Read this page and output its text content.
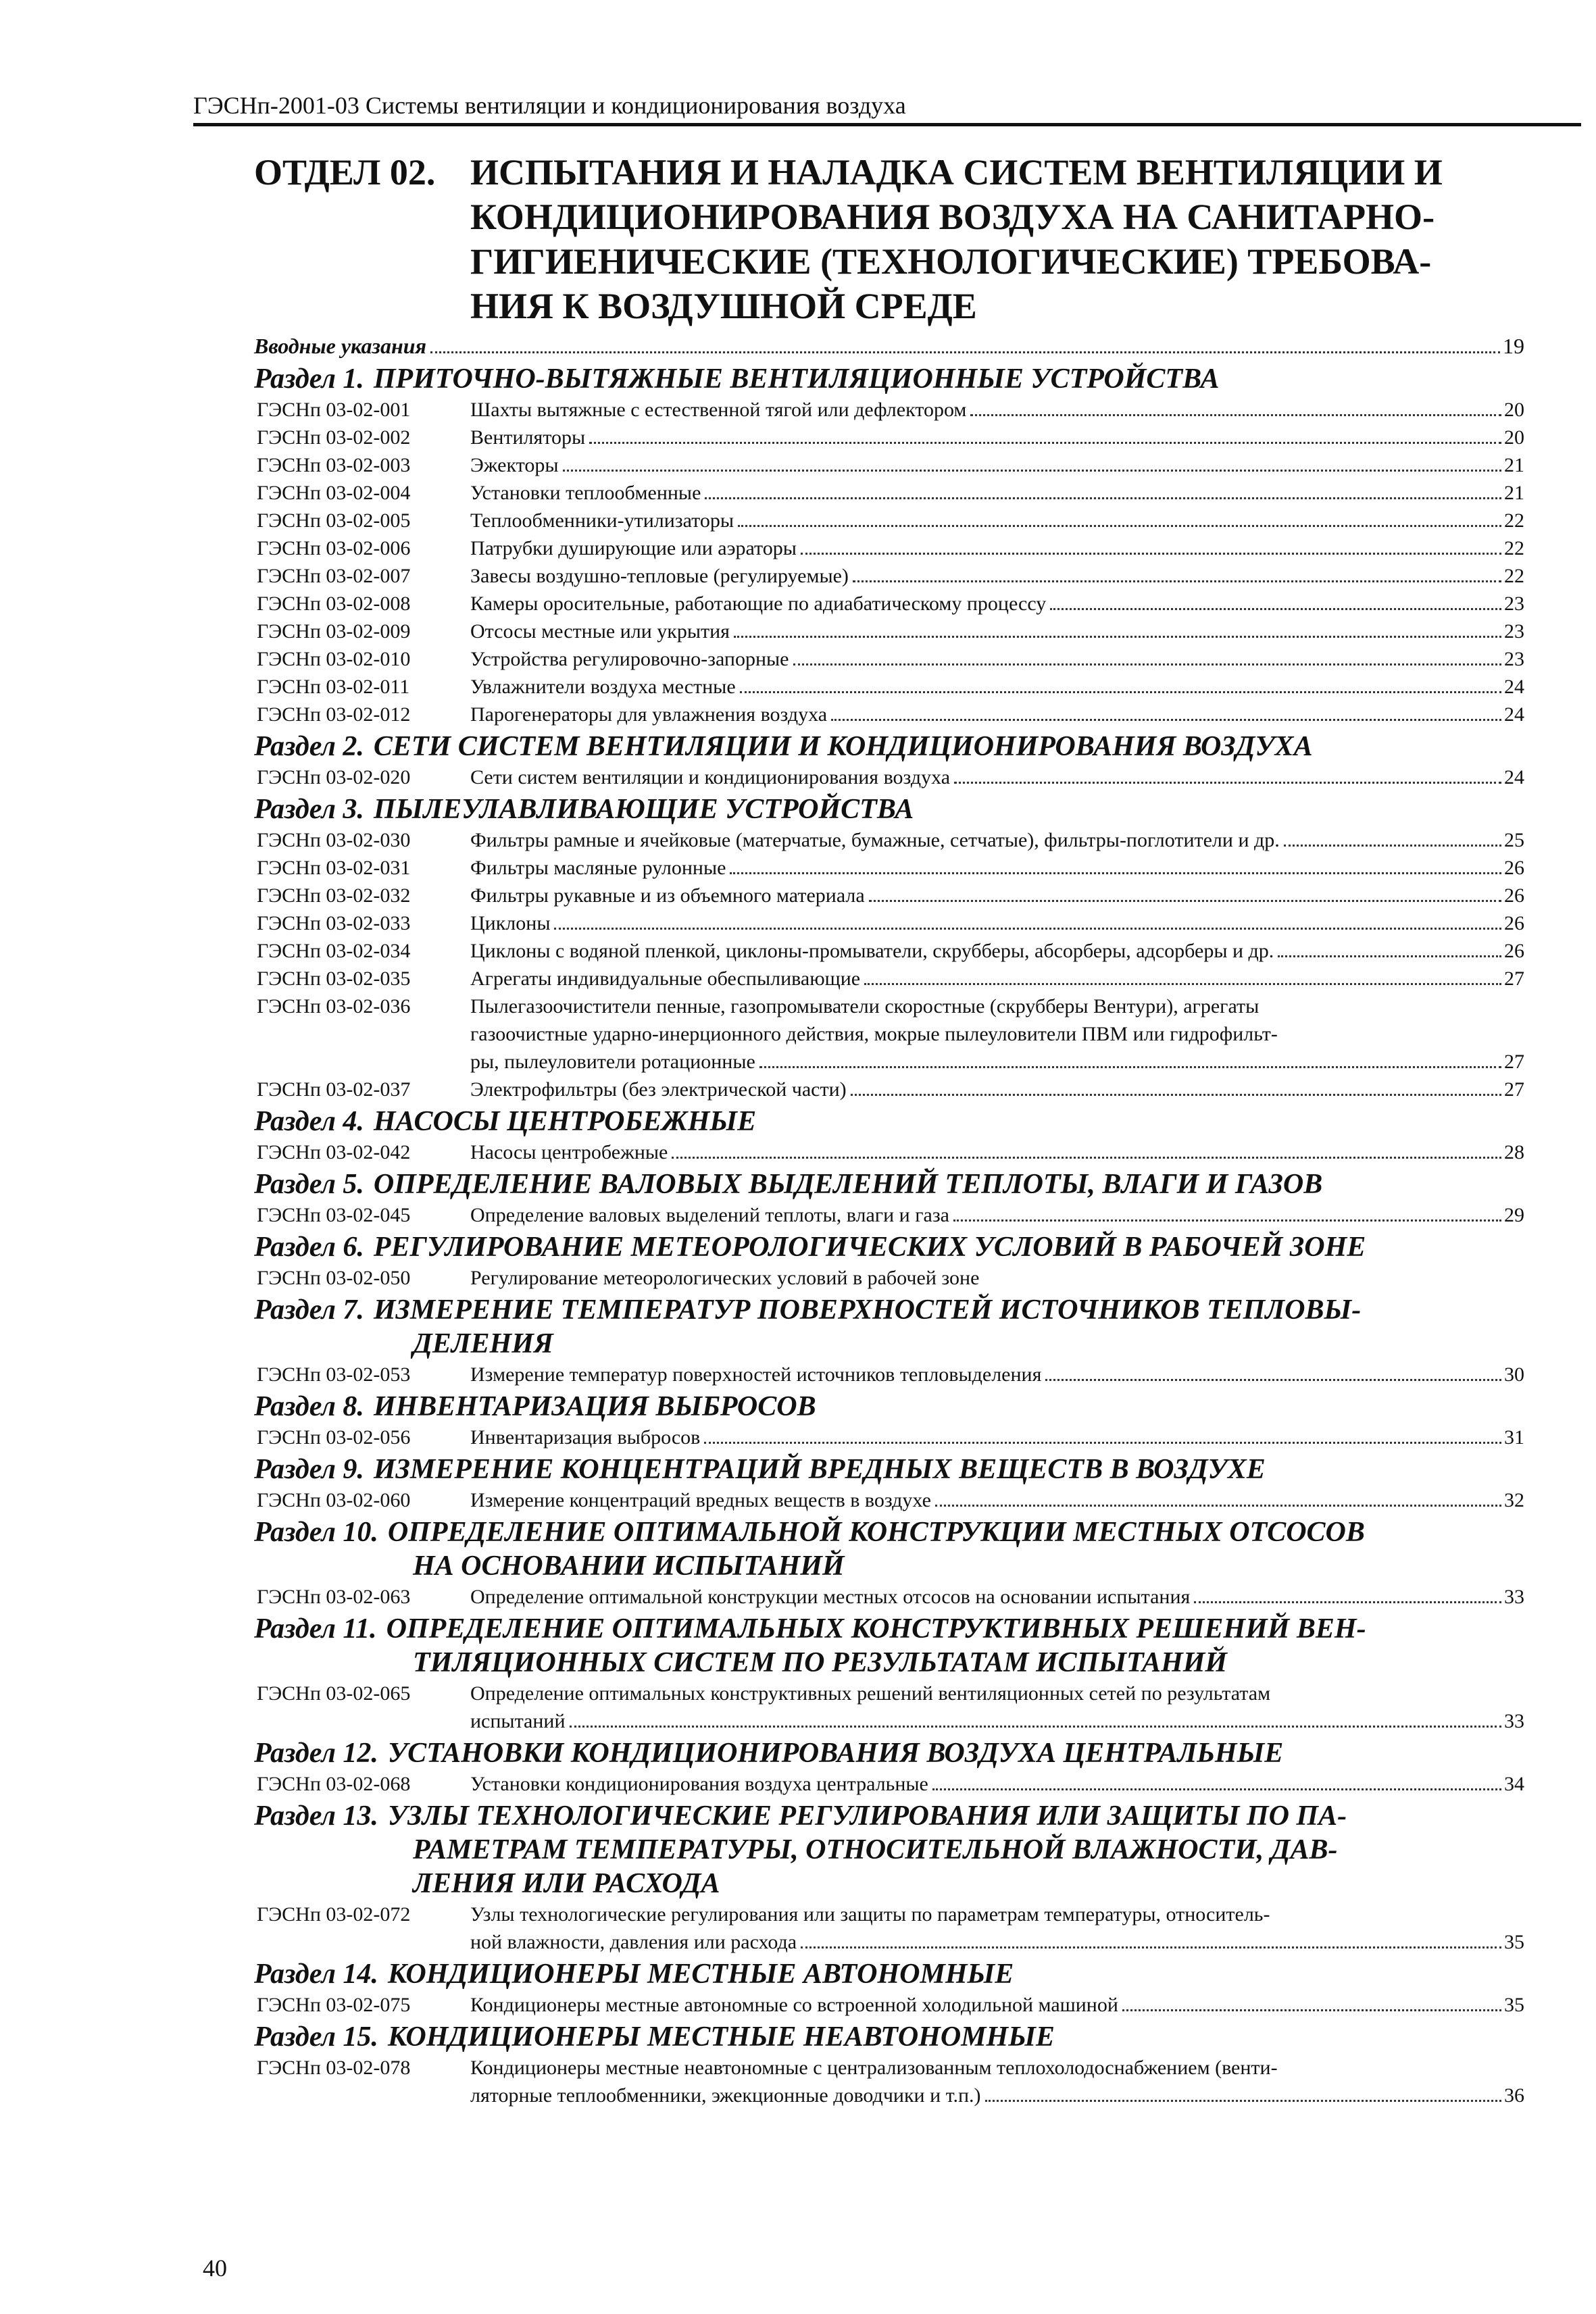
ГЭСНп-2001-03 Системы вентиляции и кондиционирования воздуха
ОТДЕЛ 02. ИСПЫТАНИЯ И НАЛАДКА СИСТЕМ ВЕНТИЛЯЦИИ И
КОНДИЦИОНИРОВАНИЯ ВОЗДУХА НА САНИТАРНО-
ГИГИЕНИЧЕСКИЕ (ТЕХНОЛОГИЧЕСКИЕ) ТРЕБОВА-
НИЯ К ВОЗДУШНОЙ СРЕДЕ
Вводные указания	19
Раздел 1. ПРИТОЧНО-ВЫТЯЖНЫЕ ВЕНТИЛЯЦИОННЫЕ УСТРОЙСТВА
ГЭСНп 03-02-001	Шахты вытяжные с естественной тягой или дефлектором	20
ГЭСНп 03-02-002	Вентиляторы	20
ГЭСНп 03-02-003	Эжекторы	21
ГЭСНп 03-02-004	Установки теплообменные	21
ГЭСНп 03-02-005	Теплообменники-утилизаторы	22
ГЭСНп 03-02-006	Патрубки душирующие или аэраторы	22
ГЭСНп 03-02-007	Завесы воздушно-тепловые (регулируемые)	22
ГЭСНп 03-02-008	Камеры оросительные, работающие по адиабатическому процессу	23
ГЭСНп 03-02-009	Отсосы местные или укрытия	23
ГЭСНп 03-02-010	Устройства регулировочно-запорные	23
ГЭСНп 03-02-011	Увлажнители воздуха местные	24
ГЭСНп 03-02-012	Парогенераторы для увлажнения воздуха	24
Раздел 2. СЕТИ СИСТЕМ ВЕНТИЛЯЦИИ И КОНДИЦИОНИРОВАНИЯ ВОЗДУХА
ГЭСНп 03-02-020	Сети систем вентиляции и кондиционирования воздуха	24
Раздел 3. ПЫЛЕУЛАВЛИВАЮЩИЕ УСТРОЙСТВА
ГЭСНп 03-02-030	Фильтры рамные и ячейковые (матерчатые, бумажные, сетчатые), фильтры-поглотители и др.	25
ГЭСНп 03-02-031	Фильтры масляные рулонные	26
ГЭСНп 03-02-032	Фильтры рукавные и из объемного материала	26
ГЭСНп 03-02-033	Циклоны	26
ГЭСНп 03-02-034	Циклоны с водяной пленкой, циклоны-промыватели, скрубберы, абсорберы, адсорберы и др.	26
ГЭСНп 03-02-035	Агрегаты индивидуальные обеспыливающие	27
ГЭСНп 03-02-036	Пылегазоочистители пенные, газопромыватели скоростные (скрубберы Вентури), агрегаты
газоочистные ударно-инерционного действия, мокрые пылеуловители ПВМ или гидрофильт-
ры, пылеуловители ротационные	27
ГЭСНп 03-02-037	Электрофильтры (без электрической части)	27
Раздел 4. НАСОСЫ ЦЕНТРОБЕЖНЫЕ
ГЭСНп 03-02-042	Насосы центробежные	28
Раздел 5. ОПРЕДЕЛЕНИЕ ВАЛОВЫХ ВЫДЕЛЕНИЙ ТЕПЛОТЫ, ВЛАГИ И ГАЗОВ
ГЭСНп 03-02-045	Определение валовых выделений теплоты, влаги и газа	29
Раздел 6. РЕГУЛИРОВАНИЕ МЕТЕОРОЛОГИЧЕСКИХ УСЛОВИЙ В РАБОЧЕЙ ЗОНЕ
ГЭСНп 03-02-050	Регулирование метеорологических условий в рабочей зоне
Раздел 7. ИЗМЕРЕНИЕ ТЕМПЕРАТУР ПОВЕРХНОСТЕЙ ИСТОЧНИКОВ ТЕПЛОВЫ-
ДЕЛЕНИЯ
ГЭСНп 03-02-053	Измерение температур поверхностей источников тепловыделения	30
Раздел 8. ИНВЕНТАРИЗАЦИЯ ВЫБРОСОВ
ГЭСНп 03-02-056	Инвентаризация выбросов	31
Раздел 9. ИЗМЕРЕНИЕ КОНЦЕНТРАЦИЙ ВРЕДНЫХ ВЕЩЕСТВ В ВОЗДУХЕ
ГЭСНп 03-02-060	Измерение концентраций вредных веществ в воздухе	32
Раздел 10. ОПРЕДЕЛЕНИЕ ОПТИМАЛЬНОЙ КОНСТРУКЦИИ МЕСТНЫХ ОТСОСОВ
НА ОСНОВАНИИ ИСПЫТАНИЙ
ГЭСНп 03-02-063	Определение оптимальной конструкции местных отсосов на основании испытания	33
Раздел 11. ОПРЕДЕЛЕНИЕ ОПТИМАЛЬНЫХ КОНСТРУКТИВНЫХ РЕШЕНИЙ ВЕН-
ТИЛЯЦИОННЫХ СИСТЕМ ПО РЕЗУЛЬТАТАМ ИСПЫТАНИЙ
ГЭСНп 03-02-065	Определение оптимальных конструктивных решений вентиляционных сетей по результатам
испытаний	33
Раздел 12. УСТАНОВКИ КОНДИЦИОНИРОВАНИЯ ВОЗДУХА ЦЕНТРАЛЬНЫЕ
ГЭСНп 03-02-068	Установки кондиционирования воздуха центральные	34
Раздел 13. УЗЛЫ ТЕХНОЛОГИЧЕСКИЕ РЕГУЛИРОВАНИЯ ИЛИ ЗАЩИТЫ ПО ПА-
РАМЕТРАМ ТЕМПЕРАТУРЫ, ОТНОСИТЕЛЬНОЙ ВЛАЖНОСТИ, ДАВ-
ЛЕНИЯ ИЛИ РАСХОДА
ГЭСНп 03-02-072	Узлы технологические регулирования или защиты по параметрам температуры, относитель-
ной влажности, давления или расхода	35
Раздел 14. КОНДИЦИОНЕРЫ МЕСТНЫЕ АВТОНОМНЫЕ
ГЭСНп 03-02-075	Кондиционеры местные автономные со встроенной холодильной машиной	35
Раздел 15. КОНДИЦИОНЕРЫ МЕСТНЫЕ НЕАВТОНОМНЫЕ
ГЭСНп 03-02-078	Кондиционеры местные неавтономные с централизованным теплохолодоснабжением (венти-
ляторные теплообменники, эжекционные доводчики и т.п.)	36
40
